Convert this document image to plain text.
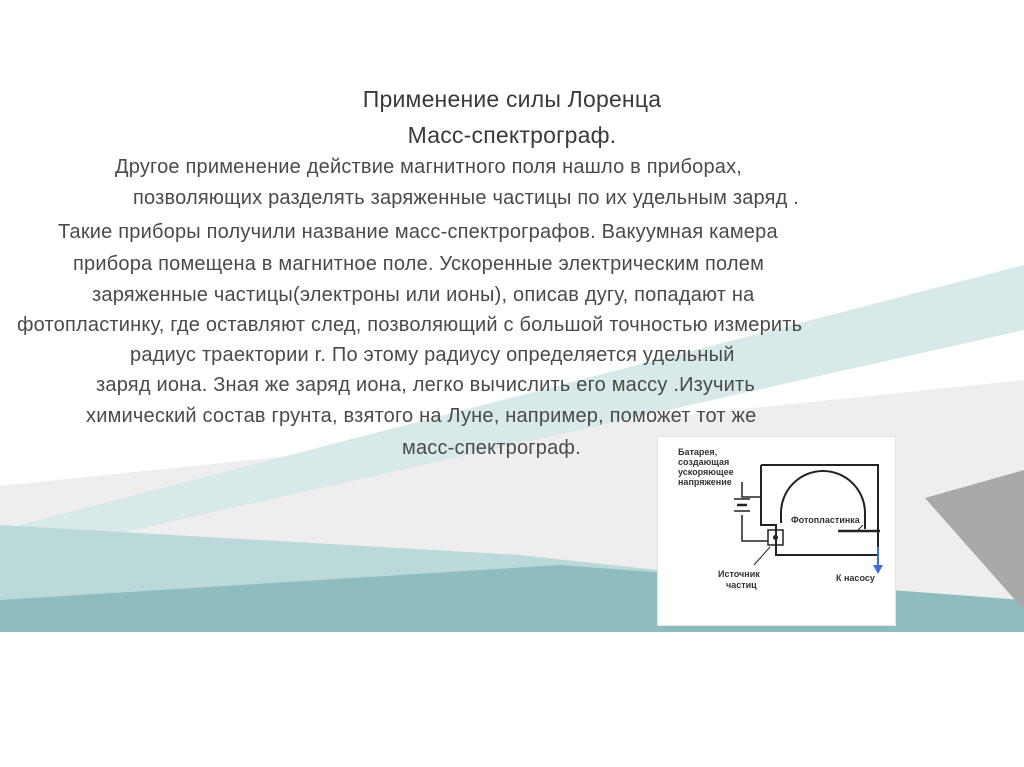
Применение силы Лоренца
Масс-спектрограф.
Другое применение действие магнитного поля нашло в приборах,
позволяющих разделять заряженные частицы по их удельным заряд .
Такие приборы получили название масс-спектрографов. Вакуумная камера
прибора помещена в магнитное поле. Ускоренные электрическим полем
заряженные частицы(электроны или ионы), описав дугу, попадают на
фотопластинку, где оставляют след, позволяющий с большой точностью измерить
радиус траектории r. По этому радиусу определяется удельный
заряд иона. Зная же заряд иона, легко вычислить его массу .Изучить
химический состав грунта, взятого на Луне, например, поможет тот же
масс-спектрограф.	Батарея,
создающая
ускоряющее
напряжение
Фотопластинка
Источник
частиц
К насосу
